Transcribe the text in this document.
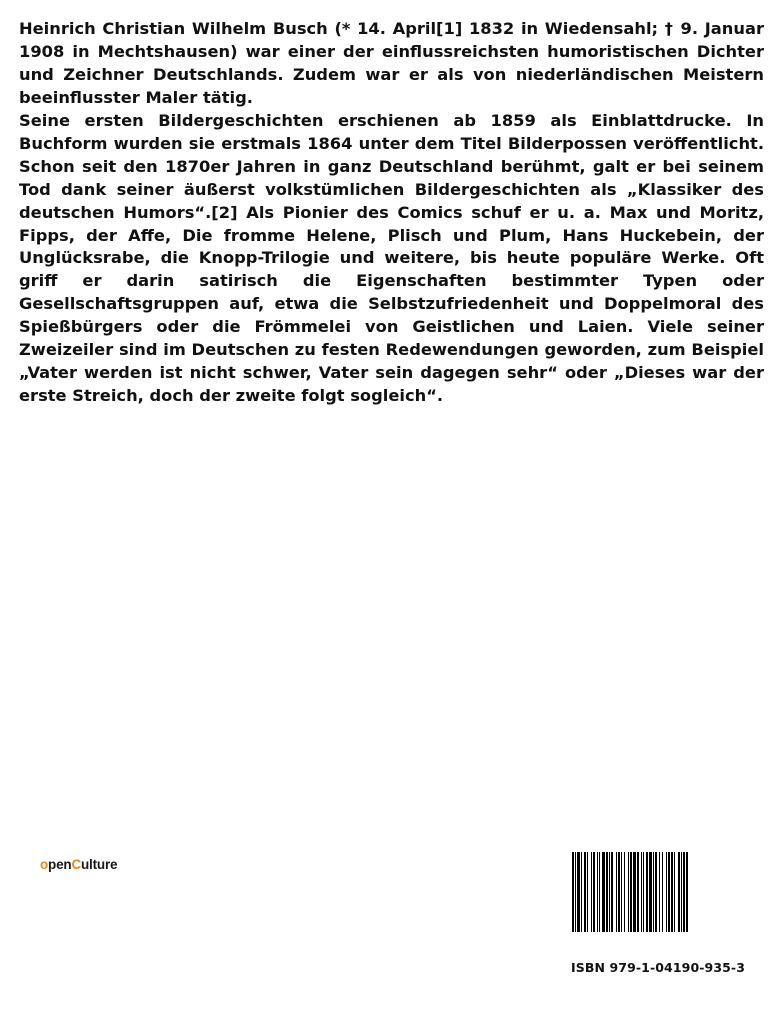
Heinrich Christian Wilhelm Busch (* 14. April[1] 1832 in Wiedensahl; † 9. Januar 1908 in Mechtshausen) war einer der einflussreichsten humoristischen Dichter und Zeichner Deutschlands. Zudem war er als von niederländischen Meistern beeinflusster Maler tätig.

Seine ersten Bildergeschichten erschienen ab 1859 als Einblattdrucke. In Buchform wurden sie erstmals 1864 unter dem Titel Bilderpossen veröffentlicht. Schon seit den 1870er Jahren in ganz Deutschland berühmt, galt er bei seinem Tod dank seiner äußerst volkstümlichen Bildergeschichten als „Klassiker des deutschen Humors“.[2] Als Pionier des Comics schuf er u. a. Max und Moritz, Fipps, der Affe, Die fromme Helene, Plisch und Plum, Hans Huckebein, der Unglücksrabe, die Knopp-Trilogie und weitere, bis heute populäre Werke. Oft griff er darin satirisch die Eigenschaften bestimmter Typen oder Gesellschaftsgruppen auf, etwa die Selbstzufriedenheit und Doppelmoral des Spießbürgers oder die Frömmelei von Geistlichen und Laien. Viele seiner Zweizeiler sind im Deutschen zu festen Redewendungen geworden, zum Beispiel „Vater werden ist nicht schwer, Vater sein dagegen sehr“ oder „Dieses war der erste Streich, doch der zweite folgt sogleich“.

o pen C ulture
ISBN 979-1-04190-935-3
